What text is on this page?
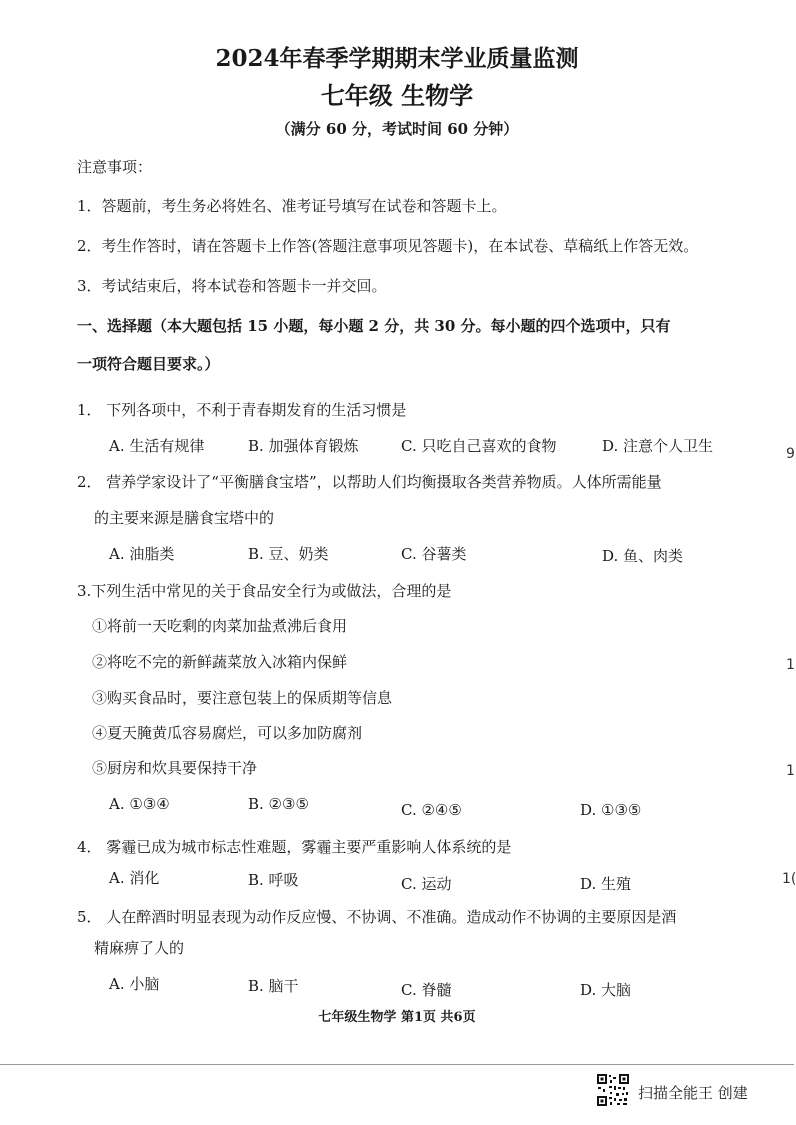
2024年春季学期期末学业质量监测
七年级 生物学
（满分 60 分，考试时间 60 分钟）
注意事项：
1．答题前，考生务必将姓名、准考证号填写在试卷和答题卡上。
2．考生作答时，请在答题卡上作答(答题注意事项见答题卡)，在本试卷、草稿纸上作答无效。
3．考试结束后，将本试卷和答题卡一并交回。
一、选择题（本大题包括 15 小题，每小题 2 分，共 30 分。每小题的四个选项中，只有
一项符合题目要求。）
1． 下列各项中，不利于青春期发育的生活习惯是
A. 生活有规律	B. 加强体育锻炼	C. 只吃自己喜欢的食物	D. 注意个人卫生
2． 营养学家设计了“平衡膳食宝塔”，以帮助人们均衡摄取各类营养物质。人体所需能量
的主要来源是膳食宝塔中的
A. 油脂类	B. 豆、奶类	C. 谷薯类	D. 鱼、肉类
3.下列生活中常见的关于食品安全行为或做法，合理的是
①将前一天吃剩的肉菜加盐煮沸后食用
②将吃不完的新鲜蔬菜放入冰箱内保鲜
③购买食品时，要注意包装上的保质期等信息
④夏天腌黄瓜容易腐烂，可以多加防腐剂
⑤厨房和炊具要保持干净
A. ①③④	B. ②③⑤	C. ②④⑤	D. ①③⑤
4． 雾霾已成为城市标志性难题，雾霾主要严重影响人体系统的是
A. 消化	B. 呼吸	C. 运动	D. 生殖
5． 人在醉酒时明显表现为动作反应慢、不协调、不准确。造成动作不协调的主要原因是酒
精麻痹了人的
A. 小脑	B. 脑干	C. 脊髓	D. 大脑
七年级生物学 第1页 共6页
9
1
1
1(
扫描全能王 创建
